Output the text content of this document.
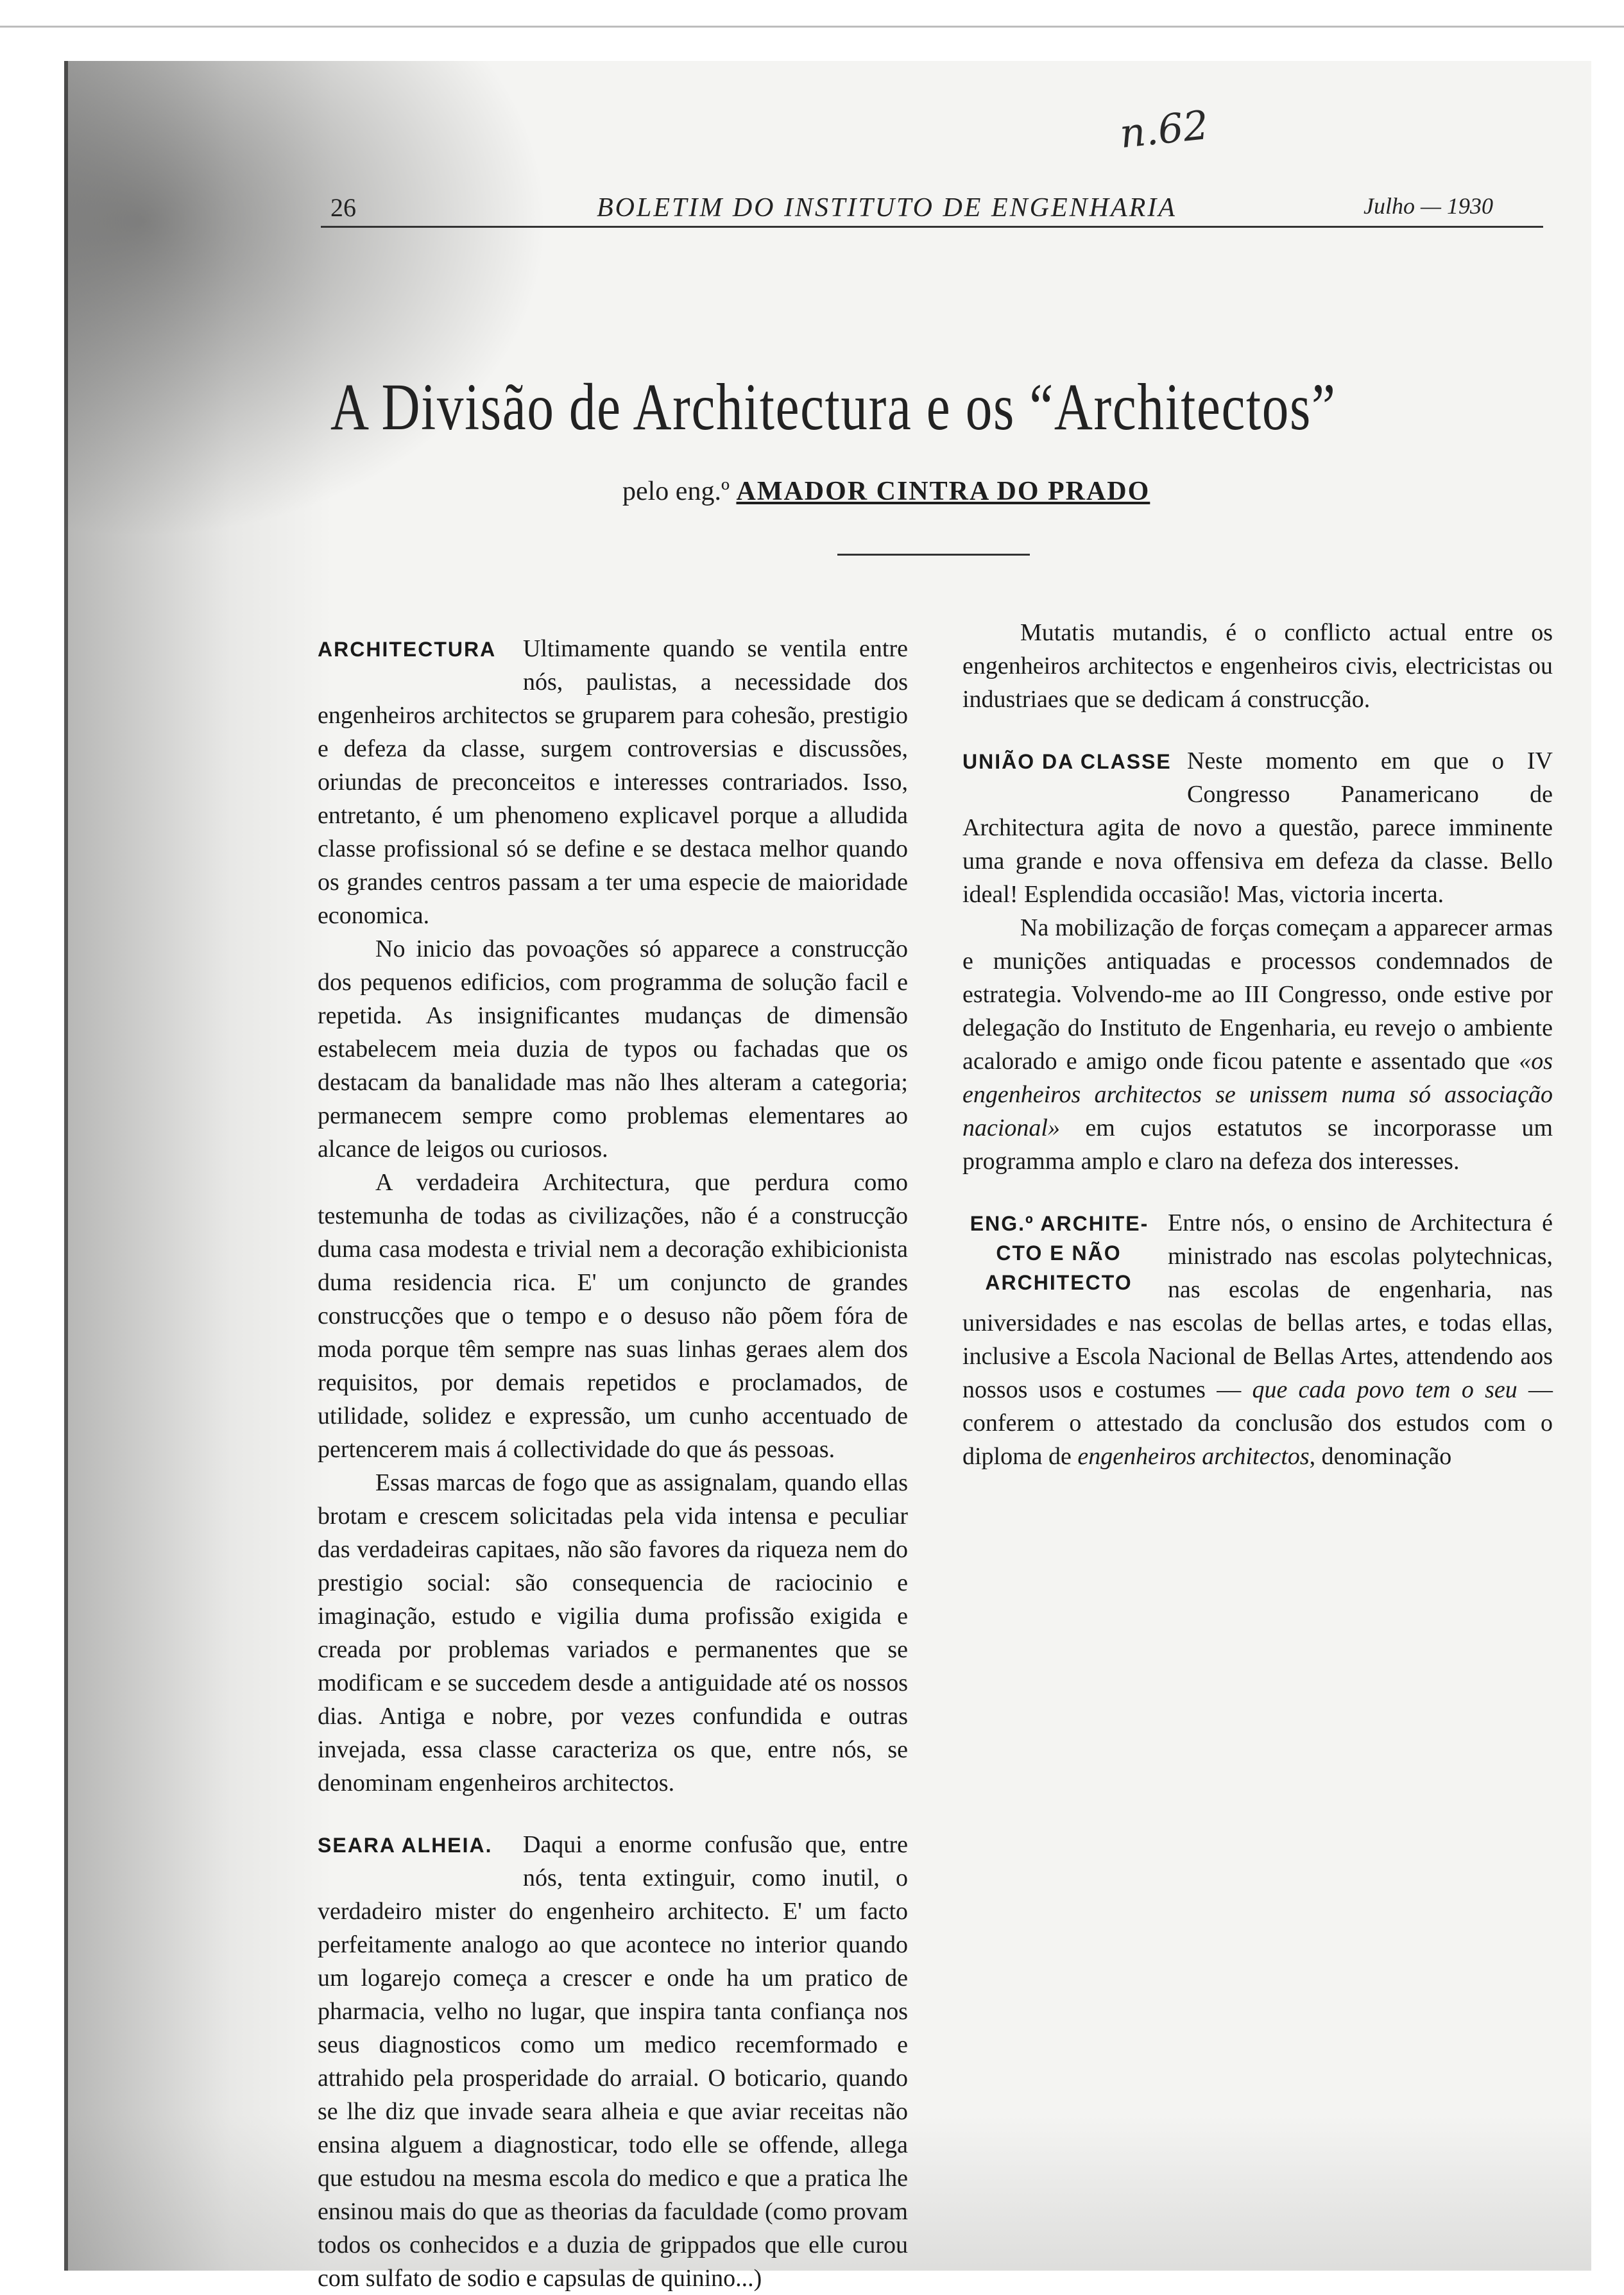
n.62
26	BOLETIM DO INSTITUTO DE ENGENHARIA	Julho — 1930
A Divisão de Architectura e os “Architectos”
pelo eng.º AMADOR CINTRA DO PRADO
ARCHITECTURA	Ultimamente quando se ventila entre nós, paulistas, a necessidade dos engenheiros architectos se gruparem para cohesão, prestigio e defeza da classe, surgem controversias e discussões, oriundas de preconceitos e interesses contrariados. Isso, entretanto, é um phenomeno explicavel porque a alludida classe profissional só se define e se destaca melhor quando os grandes centros passam a ter uma especie de maioridade economica.

No inicio das povoações só apparece a construcção dos pequenos edificios, com programma de solução facil e repetida. As insignificantes mudanças de dimensão estabelecem meia duzia de typos ou fachadas que os destacam da banalidade mas não lhes alteram a categoria; permanecem sempre como problemas elementares ao alcance de leigos ou curiosos.

A verdadeira Architectura, que perdura como testemunha de todas as civilizações, não é a construcção duma casa modesta e trivial nem a decoração exhibicionista duma residencia rica. E' um conjuncto de grandes construcções que o tempo e o desuso não põem fóra de moda porque têm sempre nas suas linhas geraes alem dos requisitos, por demais repetidos e proclamados, de utilidade, solidez e expressão, um cunho accentuado de pertencerem mais á collectividade do que ás pessoas.

Essas marcas de fogo que as assignalam, quando ellas brotam e crescem solicitadas pela vida intensa e peculiar das verdadeiras capitaes, não são favores da riqueza nem do prestigio social: são consequencia de raciocinio e imaginação, estudo e vigilia duma profissão exigida e creada por problemas variados e permanentes que se modificam e se succedem desde a antiguidade até os nossos dias. Antiga e nobre, por vezes confundida e outras invejada, essa classe caracteriza os que, entre nós, se denominam engenheiros architectos.

SEARA ALHEIA.	Daqui a enorme confusão que, entre nós, tenta extinguir, como inutil, o verdadeiro mister do engenheiro architecto. E' um facto perfeitamente analogo ao que acontece no interior quando um logarejo começa a crescer e onde ha um pratico de pharmacia, velho no lugar, que inspira tanta confiança nos seus diagnosticos como um medico recemformado e attrahido pela prosperidade do arraial. O boticario, quando se lhe diz que invade seara alheia e que aviar receitas não ensina alguem a diagnosticar, todo elle se offende, allega que estudou na mesma escola do medico e que a pratica lhe ensinou mais do que as theorias da faculdade (como provam todos os conhecidos e a duzia de grippados que elle curou com sulfato de sodio e capsulas de quinino...)

Mutatis mutandis, é o conflicto actual entre os engenheiros architectos e engenheiros civis, electricistas ou industriaes que se dedicam á construcção.

UNIÃO DA CLASSE Neste momento em que o IV Congresso Panamericano de Architectura agita de novo a questão, parece imminente uma grande e nova offensiva em defeza da classe. Bello ideal! Esplendida occasião! Mas, victoria incerta.

Na mobilização de forças começam a apparecer armas e munições antiquadas e processos condemnados de estrategia. Volvendo-me ao III Congresso, onde estive por delegação do Instituto de Engenharia, eu revejo o ambiente acalorado e amigo onde ficou patente e assentado que «os engenheiros architectos se unissem numa só associação nacional» em cujos estatutos se incorporasse um programma amplo e claro na defeza dos interesses.

ENG.º ARCHITECTO E NÃO ARCHITECTO
Entre nós, o ensino de Architectura é ministrado nas escolas polytechnicas, nas escolas de engenharia, nas universidades e nas escolas de bellas artes, e todas ellas, inclusive a Escola Nacional de Bellas Artes, attendendo aos nossos usos e costumes — que cada povo tem o seu — conferem o attestado da conclusão dos estudos com o diploma de engenheiros architectos, denominação
